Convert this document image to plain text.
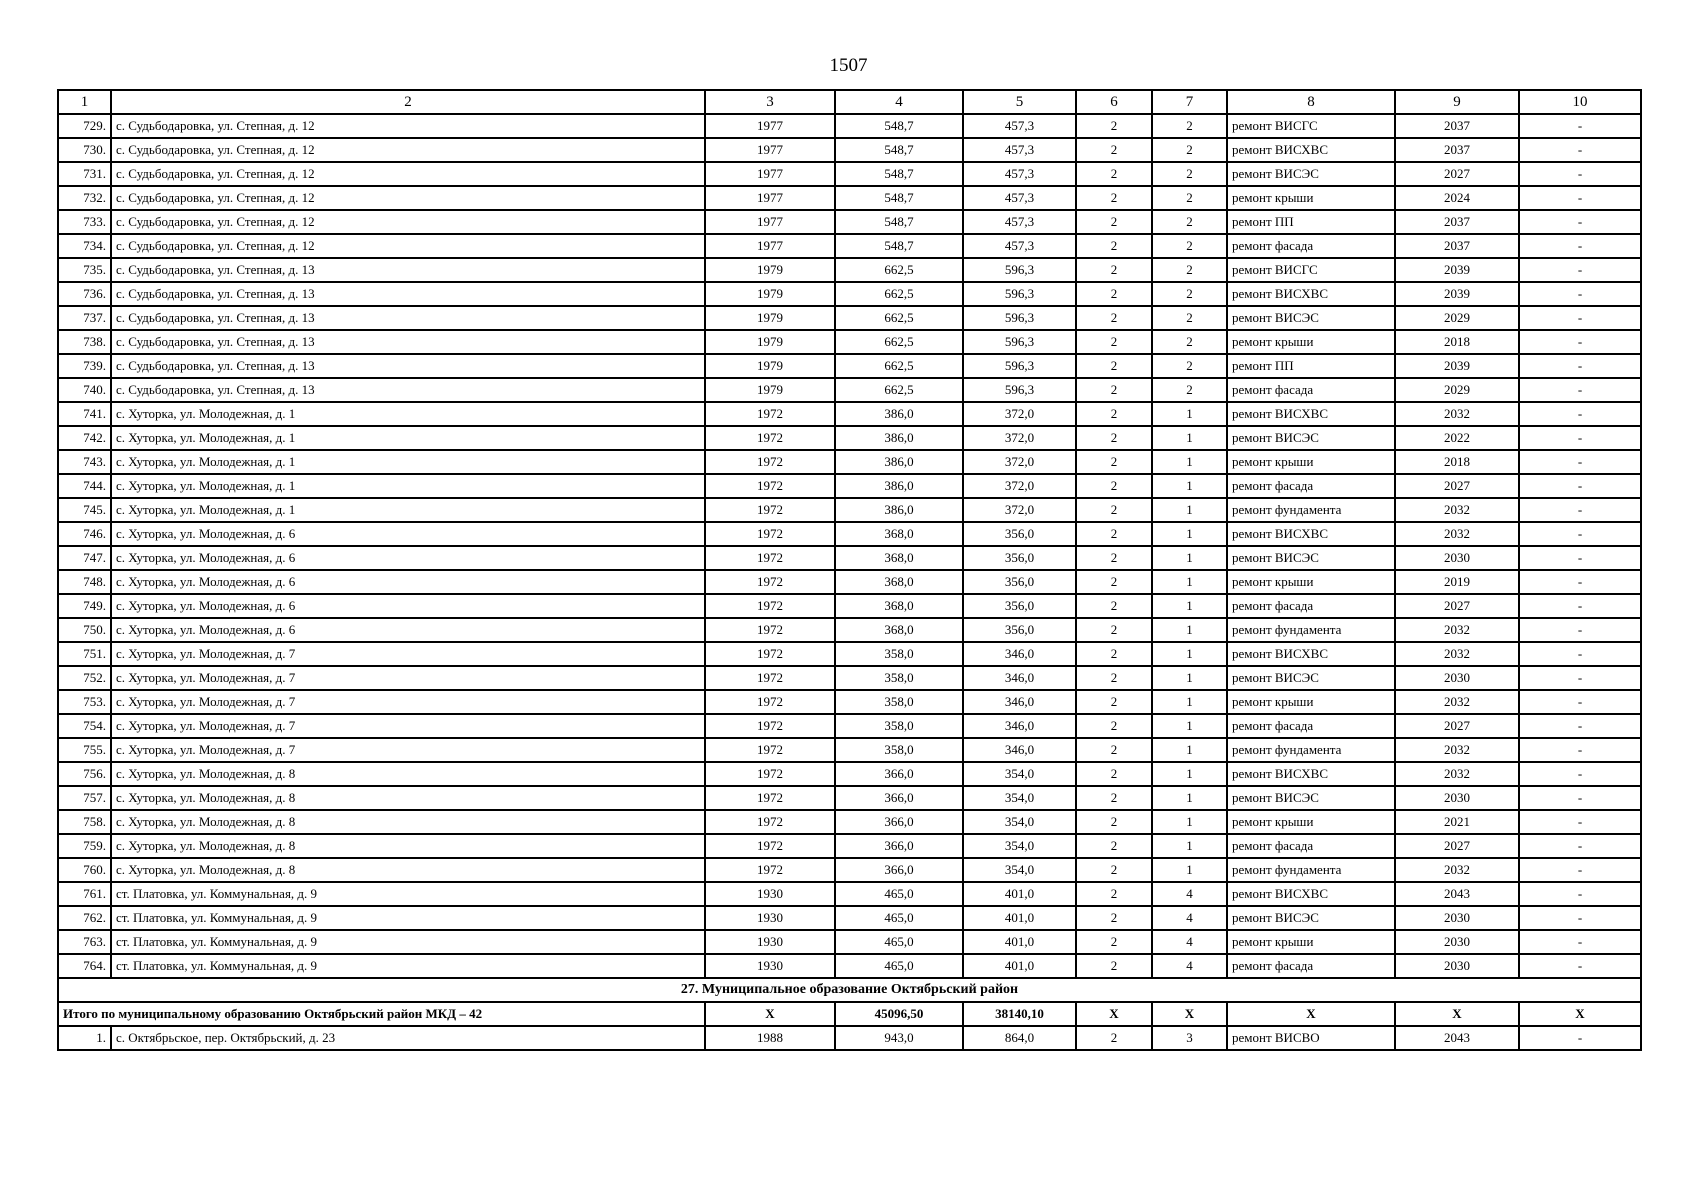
1507
1	2	3	4	5	6	7	8	9	10
729.	с. Судьбодаровка, ул. Степная, д. 12	1977	548,7	457,3	2	2	ремонт ВИСГС	2037	-
730.	с. Судьбодаровка, ул. Степная, д. 12	1977	548,7	457,3	2	2	ремонт ВИСХВС	2037	-
731.	с. Судьбодаровка, ул. Степная, д. 12	1977	548,7	457,3	2	2	ремонт ВИСЭС	2027	-
732.	с. Судьбодаровка, ул. Степная, д. 12	1977	548,7	457,3	2	2	ремонт крыши	2024	-
733.	с. Судьбодаровка, ул. Степная, д. 12	1977	548,7	457,3	2	2	ремонт ПП	2037	-
734.	с. Судьбодаровка, ул. Степная, д. 12	1977	548,7	457,3	2	2	ремонт фасада	2037	-
735.	с. Судьбодаровка, ул. Степная, д. 13	1979	662,5	596,3	2	2	ремонт ВИСГС	2039	-
736.	с. Судьбодаровка, ул. Степная, д. 13	1979	662,5	596,3	2	2	ремонт ВИСХВС	2039	-
737.	с. Судьбодаровка, ул. Степная, д. 13	1979	662,5	596,3	2	2	ремонт ВИСЭС	2029	-
738.	с. Судьбодаровка, ул. Степная, д. 13	1979	662,5	596,3	2	2	ремонт крыши	2018	-
739.	с. Судьбодаровка, ул. Степная, д. 13	1979	662,5	596,3	2	2	ремонт ПП	2039	-
740.	с. Судьбодаровка, ул. Степная, д. 13	1979	662,5	596,3	2	2	ремонт фасада	2029	-
741.	с. Хуторка, ул. Молодежная, д. 1	1972	386,0	372,0	2	1	ремонт ВИСХВС	2032	-
742.	с. Хуторка, ул. Молодежная, д. 1	1972	386,0	372,0	2	1	ремонт ВИСЭС	2022	-
743.	с. Хуторка, ул. Молодежная, д. 1	1972	386,0	372,0	2	1	ремонт крыши	2018	-
744.	с. Хуторка, ул. Молодежная, д. 1	1972	386,0	372,0	2	1	ремонт фасада	2027	-
745.	с. Хуторка, ул. Молодежная, д. 1	1972	386,0	372,0	2	1	ремонт фундамента	2032	-
746.	с. Хуторка, ул. Молодежная, д. 6	1972	368,0	356,0	2	1	ремонт ВИСХВС	2032	-
747.	с. Хуторка, ул. Молодежная, д. 6	1972	368,0	356,0	2	1	ремонт ВИСЭС	2030	-
748.	с. Хуторка, ул. Молодежная, д. 6	1972	368,0	356,0	2	1	ремонт крыши	2019	-
749.	с. Хуторка, ул. Молодежная, д. 6	1972	368,0	356,0	2	1	ремонт фасада	2027	-
750.	с. Хуторка, ул. Молодежная, д. 6	1972	368,0	356,0	2	1	ремонт фундамента	2032	-
751.	с. Хуторка, ул. Молодежная, д. 7	1972	358,0	346,0	2	1	ремонт ВИСХВС	2032	-
752.	с. Хуторка, ул. Молодежная, д. 7	1972	358,0	346,0	2	1	ремонт ВИСЭС	2030	-
753.	с. Хуторка, ул. Молодежная, д. 7	1972	358,0	346,0	2	1	ремонт крыши	2032	-
754.	с. Хуторка, ул. Молодежная, д. 7	1972	358,0	346,0	2	1	ремонт фасада	2027	-
755.	с. Хуторка, ул. Молодежная, д. 7	1972	358,0	346,0	2	1	ремонт фундамента	2032	-
756.	с. Хуторка, ул. Молодежная, д. 8	1972	366,0	354,0	2	1	ремонт ВИСХВС	2032	-
757.	с. Хуторка, ул. Молодежная, д. 8	1972	366,0	354,0	2	1	ремонт ВИСЭС	2030	-
758.	с. Хуторка, ул. Молодежная, д. 8	1972	366,0	354,0	2	1	ремонт крыши	2021	-
759.	с. Хуторка, ул. Молодежная, д. 8	1972	366,0	354,0	2	1	ремонт фасада	2027	-
760.	с. Хуторка, ул. Молодежная, д. 8	1972	366,0	354,0	2	1	ремонт фундамента	2032	-
761.	ст. Платовка, ул. Коммунальная, д. 9	1930	465,0	401,0	2	4	ремонт ВИСХВС	2043	-
762.	ст. Платовка, ул. Коммунальная, д. 9	1930	465,0	401,0	2	4	ремонт ВИСЭС	2030	-
763.	ст. Платовка, ул. Коммунальная, д. 9	1930	465,0	401,0	2	4	ремонт крыши	2030	-
764.	ст. Платовка, ул. Коммунальная, д. 9	1930	465,0	401,0	2	4	ремонт фасада	2030	-
27. Муниципальное образование Октябрьский район									
Итого по муниципальному образованию Октябрьский район МКД – 42		Х	45096,50	38140,10	Х	Х	Х	Х	Х
1.	с. Октябрьское, пер. Октябрьский, д. 23	1988	943,0	864,0	2	3	ремонт ВИСВО	2043	-
